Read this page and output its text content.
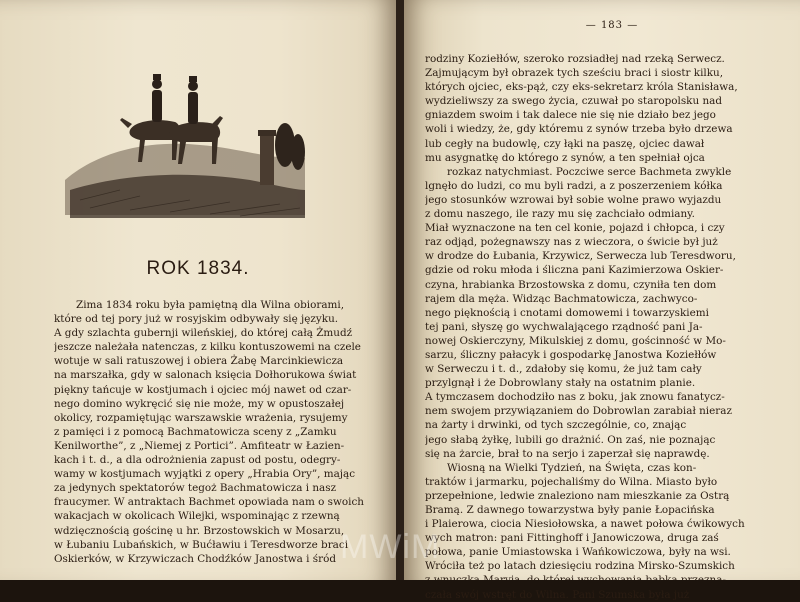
ROK 1834.
Zima 1834 roku była pamiętną dla Wilna obiorami,
które od tej pory już w rosyjskim odbywały się języku.
A gdy szlachta gubernji wileńskiej, do której całą Żmudź
jeszcze należała natenczas, z kilku kontuszowemi na czele
wotuje w sali ratuszowej i obiera Żabę Marcinkiewicza
na marszałka, gdy w salonach księcia Dołhorukowa świat
piękny tańcuje w kostjumach i ojciec mój nawet od czar-
nego domino wykręcić się nie może, my w opustoszałej
okolicy, rozpamiętując warszawskie wrażenia, rysujemy
z pamięci i z pomocą Bachmatowicza sceny z „Zamku
Kenilworthe”, z „Niemej z Portici”. Amfiteatr w Łazien-
kach i t. d., a dla odrożnienia zapust od postu, odegry-
wamy w kostjumach wyjątki z opery „Hrabia Ory”, mając
za jedynych spektatorów tegoż Bachmatowicza i nasz
fraucymer. W antraktach Bachmet opowiada nam o swoich
wakacjach w okolicach Wilejki, wspominając z rzewną
wdzięcznością gościnę u hr. Brzostowskich w Mosarzu,
w Łubaniu Lubańskich, w Bućławiu i Teresdworze braci
Oskierków, w Krzywiczach Chodźków Janostwa i śród
— 183 —
rodziny Koziełłów, szeroko rozsiadłej nad rzeką Serwecz.
Zajmującym był obrazek tych sześciu braci i siostr kilku,
których ojciec, eks-pąż, czy eks-sekretarz króla Stanisława,
wydzieliwszy za swego życia, czuwał po staropolsku nad
gniazdem swoim i tak dalece nie się nie działo bez jego
woli i wiedzy, że, gdy któremu z synów trzeba było drzewa
lub cegły na budowlę, czy łąki na paszę, ojciec dawał
mu asygnatkę do którego z synów, a ten spełniał ojca
rozkaz natychmiast. Poczciwe serce Bachmeta zwykle
lgnęło do ludzi, co mu byli radzi, a z poszerzeniem kółka
jego stosunków wzrowai był sobie wolne prawo wyjazdu
z domu naszego, ile razy mu się zachciało odmiany.
Miał wyznaczone na ten cel konie, pojazd i chłopca, i czy
raz odjąd, pożegnawszy nas z wieczora, o świcie był już
w drodze do Łubania, Krzywicz, Serwecza lub Teresdworu,
gdzie od roku młoda i śliczna pani Kazimierzowa Oskier-
czyna, hrabianka Brzostowska z domu, czyniła ten dom
rajem dla męża. Widząc Bachmatowicza, zachwyco-
nego pięknością i cnotami domowemi i towarzyskiemi
tej pani, słyszę go wychwalającego rządność pani Ja-
nowej Oskierczyny, Mikulskiej z domu, gościnność w Mo-
sarzu, śliczny pałacyk i gospodarkę Janostwa Koziełłów
w Serweczu i t. d., zdałoby się komu, że już tam cały
przylgnął i że Dobrowlany stały na ostatnim planie.
A tymczasem dochodziło nas z boku, jak znowu fanatycz-
nem swojem przywiązaniem do Dobrowlan zarabiał nieraz
na żarty i drwinki, od tych szczególnie, co, znając
jego słabą żyłkę, lubili go drażnić. On zaś, nie poznając
się na żarcie, brał to na serjo i zaperzał się naprawdę.
Wiosną na Wielki Tydzień, na Święta, czas kon-
traktów i jarmarku, pojechaliśmy do Wilna. Miasto było
przepełnione, ledwie znaleziono nam mieszkanie za Ostrą
Bramą. Z dawnego towarzystwa były panie Łopacińska
i Plaierowa, ciocia Niesiołowska, a nawet połowa ćwikowych
wych matron: pani Fittinghoff i Janowiczowa, druga zaś
połowa, panie Umiastowska i Wańkowiczowa, były na wsi.
Wróciła też po latach dziesięciu rodzina Mirsko-Szumskich
czała swój wstręt do Wilna. Pani Szumska była już
MWiM
